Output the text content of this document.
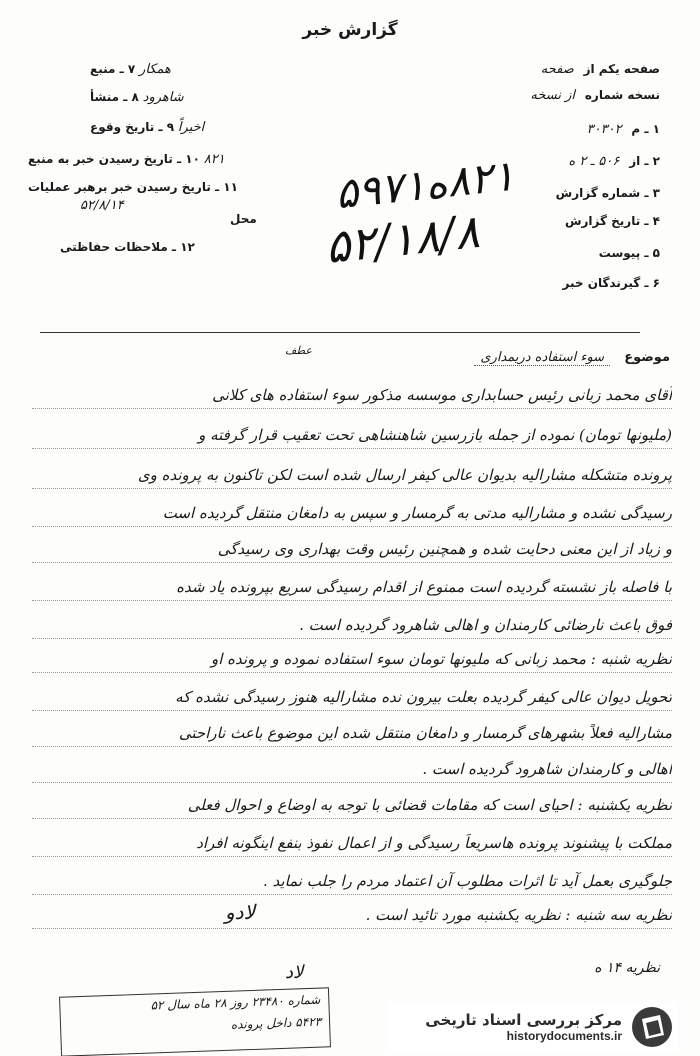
گزارش خبر
صفحه یکم از صفحه
نسخه شماره از نسخه
۱ ـ م ۳۰۳۰۲
۲ ـ از ۵۰۶ ـ ۲ ه
۳ ـ شماره گزارش
۴ ـ تاریخ گزارش
۵ ـ پیوست
۶ ـ گیرندگان خبر
همکار ۷ ـ منبع
شاهرود ۸ ـ منشأ
اخیراً ۹ ـ تاریخ وقوع
۸۲۱ ۱۰ ـ تاریخ رسیدن خبر به منبع
۱۱ ـ تاریخ رسیدن خبر برهبر عملیات
۵۲/۸/۱۴
محل
۱۲ ـ ملاحظات حفاظتی
۸۲۱ه۵۹۷۱
۵۲/۱۸/۸
موضوع سوء استفاده دریمداری
عطف
آقای محمد زبانی رئیس حسابداری موسسه مذکور سوء استفاده های کلانی
(ملیونها تومان) نموده از جمله بازرسین شاهنشاهی تحت تعقیب قرار گرفته و
پرونده متشکله مشارالیه بدیوان عالی کیفر ارسال شده است لکن تاکنون به پرونده وی
رسیدگی نشده و مشارالیه مدتی به گرمسار و سپس به دامغان منتقل گردیده است
و زیاد از این معنی دحایت شده و همچنین رئیس وقت بهداری وی رسیدگی
با فاصله باز نشسته گردیده است ممنوع از اقدام رسیدگی سریع بپرونده یاد شده
فوق باعث نارضائی کارمندان و اهالی شاهرود گردیده است .
نظریه شنبه : محمد زبانی که ملیونها تومان سوء استفاده نموده و پرونده او
تحویل دیوان عالی کیفر گردیده بعلت بیرون نده مشارالیه هنوز رسیدگی نشده که
مشارالیه فعلاً بشهرهای گرمسار و دامغان منتقل شده این موضوع باعث ناراحتی
اهالی و کارمندان شاهرود گردیده است .
نظریه یکشنبه : احیای است که مقامات قضائی با توجه به اوضاع و احوال فعلی
مملکت با پیشنوند پرونده هاسریعاً رسیدگی و از اعمال نفوذ بنفع اینگونه افراد
جلوگیری بعمل آید تا اثرات مطلوب آن اعتماد مردم را جلب نماید .
نظریه سه شنبه : نظریه یکشنبه مورد تائید است .
لادو
نظریه ۱۴ ه
لاد
شماره ۲۳۴۸۰ روز ۲۸ ماه سال ۵۲
۵۴۲۳ داخل پرونده	مرکز بررسی اسناد تاریخی
historydocuments.ir
